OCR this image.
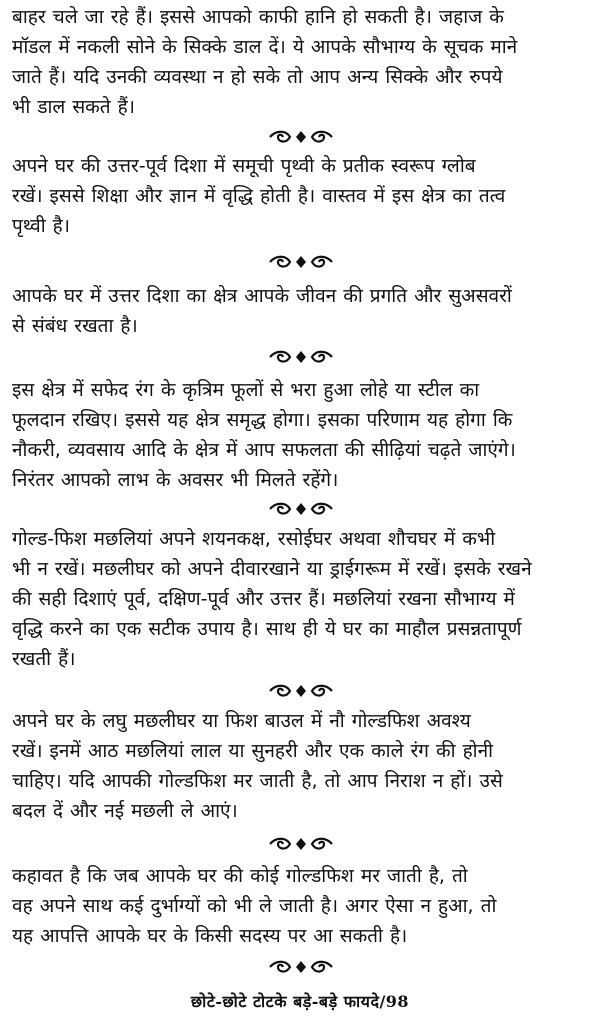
बाहर चले जा रहे हैं। इससे आपको काफी हानि हो सकती है। जहाज के
मॉडल में नकली सोने के सिक्के डाल दें। ये आपके सौभाग्य के सूचक माने
जाते हैं। यदि उनकी व्यवस्था न हो सके तो आप अन्य सिक्के और रुपये
भी डाल सकते हैं।
अपने घर की उत्तर-पूर्व दिशा में समूची पृथ्वी के प्रतीक स्वरूप ग्लोब
रखें। इससे शिक्षा और ज्ञान में वृद्धि होती है। वास्तव में इस क्षेत्र का तत्व
पृथ्वी है।
आपके घर में उत्तर दिशा का क्षेत्र आपके जीवन की प्रगति और सुअसवरों
से संबंध रखता है।
इस क्षेत्र में सफेद रंग के कृत्रिम फूलों से भरा हुआ लोहे या स्टील का
फूलदान रखिए। इससे यह क्षेत्र समृद्ध होगा। इसका परिणाम यह होगा कि
नौकरी, व्यवसाय आदि के क्षेत्र में आप सफलता की सीढ़ियां चढ़ते जाएंगे।
निरंतर आपको लाभ के अवसर भी मिलते रहेंगे।
गोल्ड-फिश मछलियां अपने शयनकक्ष, रसोईघर अथवा शौचघर में कभी
भी न रखें। मछलीघर को अपने दीवारखाने या ड्राईगरूम में रखें। इसके रखने
की सही दिशाएं पूर्व, दक्षिण-पूर्व और उत्तर हैं। मछलियां रखना सौभाग्य में
वृद्धि करने का एक सटीक उपाय है। साथ ही ये घर का माहौल प्रसन्नतापूर्ण
रखती हैं।
अपने घर के लघु मछलीघर या फिश बाउल में नौ गोल्डफिश अवश्य
रखें। इनमें आठ मछलियां लाल या सुनहरी और एक काले रंग की होनी
चाहिए। यदि आपकी गोल्डफिश मर जाती है, तो आप निराश न हों। उसे
बदल दें और नई मछली ले आएं।
कहावत है कि जब आपके घर की कोई गोल्डफिश मर जाती है, तो
वह अपने साथ कई दुर्भाग्यों को भी ले जाती है। अगर ऐसा न हुआ, तो
यह आपत्ति आपके घर के किसी सदस्य पर आ सकती है।
छोटे-छोटे टोटके बड़े-बड़े फायदे/98
